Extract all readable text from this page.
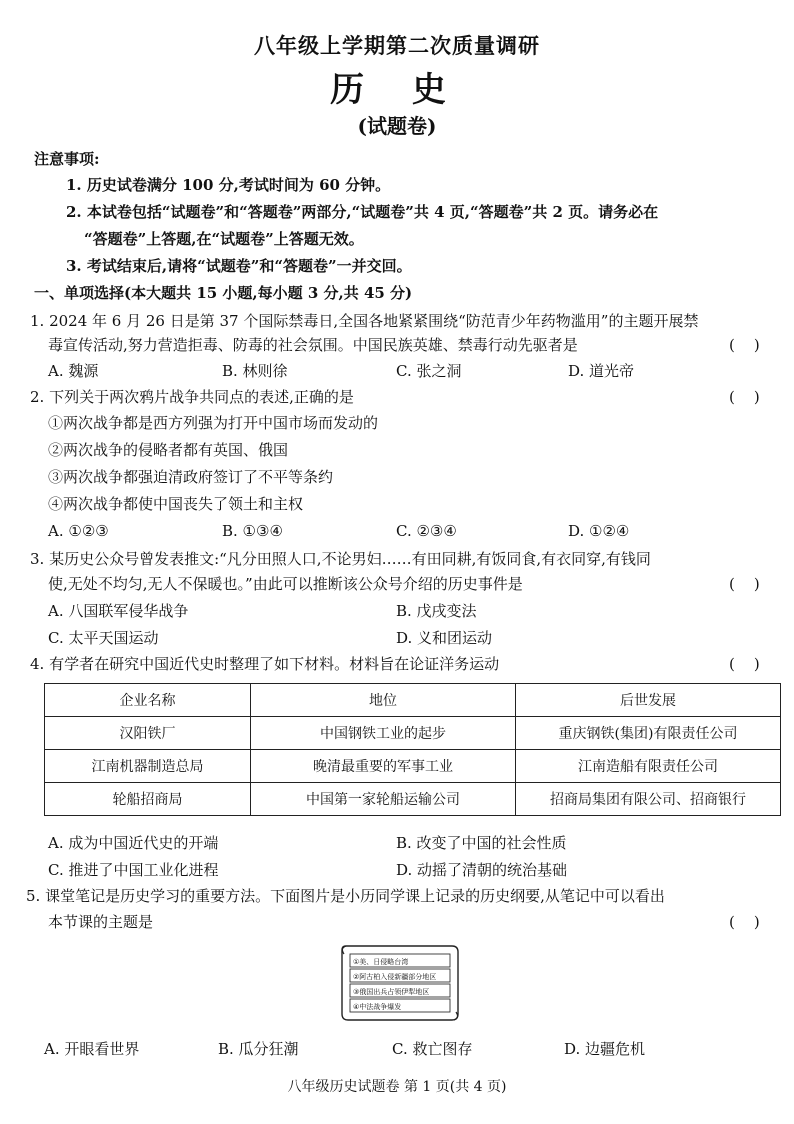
八年级上学期第二次质量调研
历 史
(试题卷)
注意事项:
1. 历史试卷满分 100 分,考试时间为 60 分钟。
2. 本试卷包括“试题卷”和“答题卷”两部分,“试题卷”共 4 页,“答题卷”共 2 页。请务必在
“答题卷”上答题,在“试题卷”上答题无效。
3. 考试结束后,请将“试题卷”和“答题卷”一并交回。
一、单项选择(本大题共 15 小题,每小题 3 分,共 45 分)
1. 2024 年 6 月 26 日是第 37 个国际禁毒日,全国各地紧紧围绕“防范青少年药物滥用”的主题开展禁
毒宣传活动,努力营造拒毒、防毒的社会氛围。中国民族英雄、禁毒行动先驱者是	(    )
A. 魏源	B. 林则徐	C. 张之洞	D. 道光帝
2. 下列关于两次鸦片战争共同点的表述,正确的是	(    )
①两次战争都是西方列强为打开中国市场而发动的
②两次战争的侵略者都有英国、俄国
③两次战争都强迫清政府签订了不平等条约
④两次战争都使中国丧失了领土和主权
A. ①②③	B. ①③④	C. ②③④	D. ①②④
3. 某历史公众号曾发表推文:“凡分田照人口,不论男妇……有田同耕,有饭同食,有衣同穿,有钱同
使,无处不均匀,无人不保暖也。”由此可以推断该公众号介绍的历史事件是	(    )
A. 八国联军侵华战争	B. 戊戌变法
C. 太平天国运动	D. 义和团运动
4. 有学者在研究中国近代史时整理了如下材料。材料旨在论证洋务运动	(    )
企业名称	地位	后世发展
汉阳铁厂	中国钢铁工业的起步	重庆钢铁(集团)有限责任公司
江南机器制造总局	晚清最重要的军事工业	江南造船有限责任公司
轮船招商局	中国第一家轮船运输公司	招商局集团有限公司、招商银行
A. 成为中国近代史的开端	B. 改变了中国的社会性质
C. 推进了中国工业化进程	D. 动摇了清朝的统治基础
5. 课堂笔记是历史学习的重要方法。下面图片是小历同学课上记录的历史纲要,从笔记中可以看出
本节课的主题是	(    )
①美、日侵略台湾
②阿古柏入侵新疆部分地区
③俄国出兵占领伊犁地区
④中法战争爆发
A. 开眼看世界	B. 瓜分狂潮	C. 救亡图存	D. 边疆危机
八年级历史试题卷 第 1 页(共 4 页)
